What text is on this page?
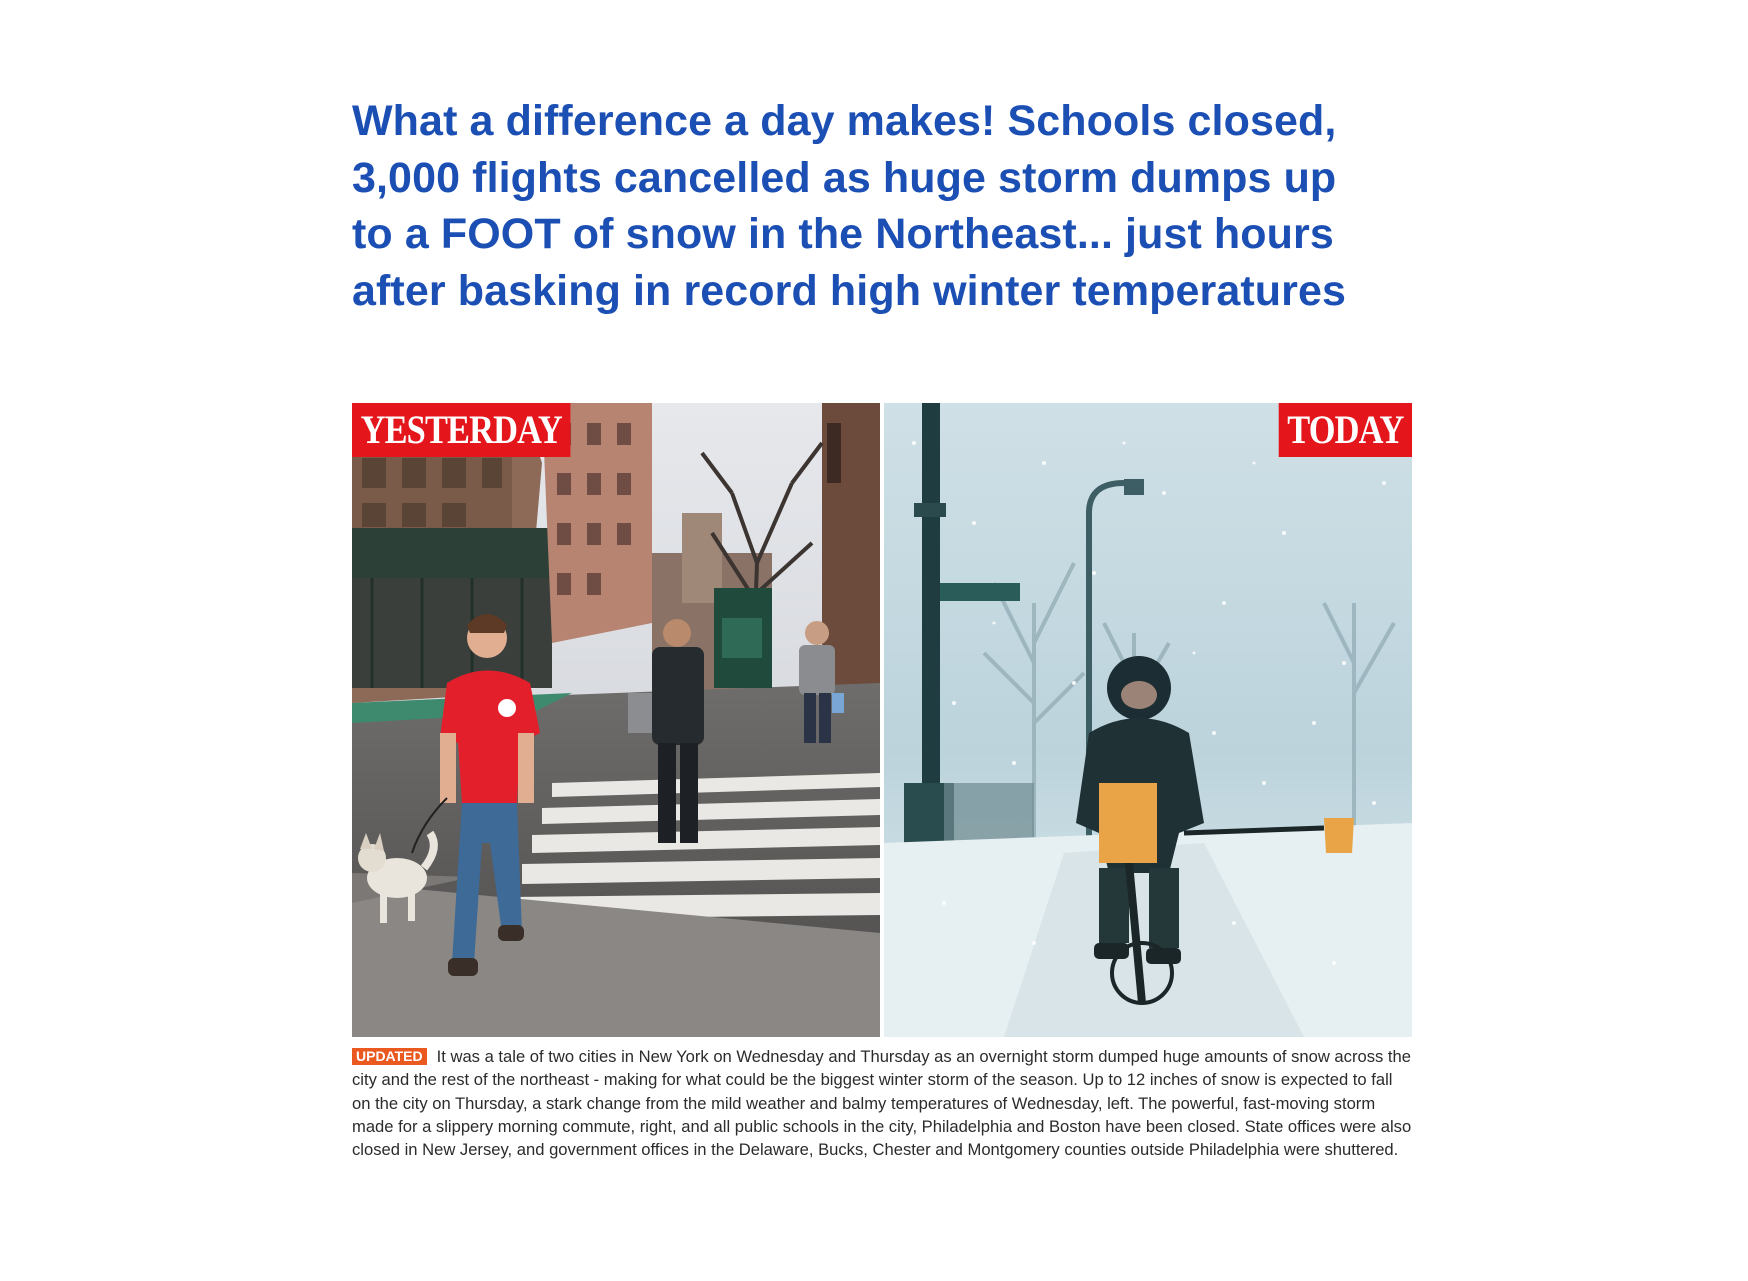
What a difference a day makes! Schools closed, 3,000 flights cancelled as huge storm dumps up to a FOOT of snow in the Northeast... just hours after basking in record high winter temperatures
YESTERDAY	TODAY
UPDATED It was a tale of two cities in New York on Wednesday and Thursday as an overnight storm dumped huge amounts of snow across the city and the rest of the northeast - making for what could be the biggest winter storm of the season. Up to 12 inches of snow is expected to fall on the city on Thursday, a stark change from the mild weather and balmy temperatures of Wednesday, left. The powerful, fast-moving storm made for a slippery morning commute, right, and all public schools in the city, Philadelphia and Boston have been closed. State offices were also closed in New Jersey, and government offices in the Delaware, Bucks, Chester and Montgomery counties outside Philadelphia were shuttered.
